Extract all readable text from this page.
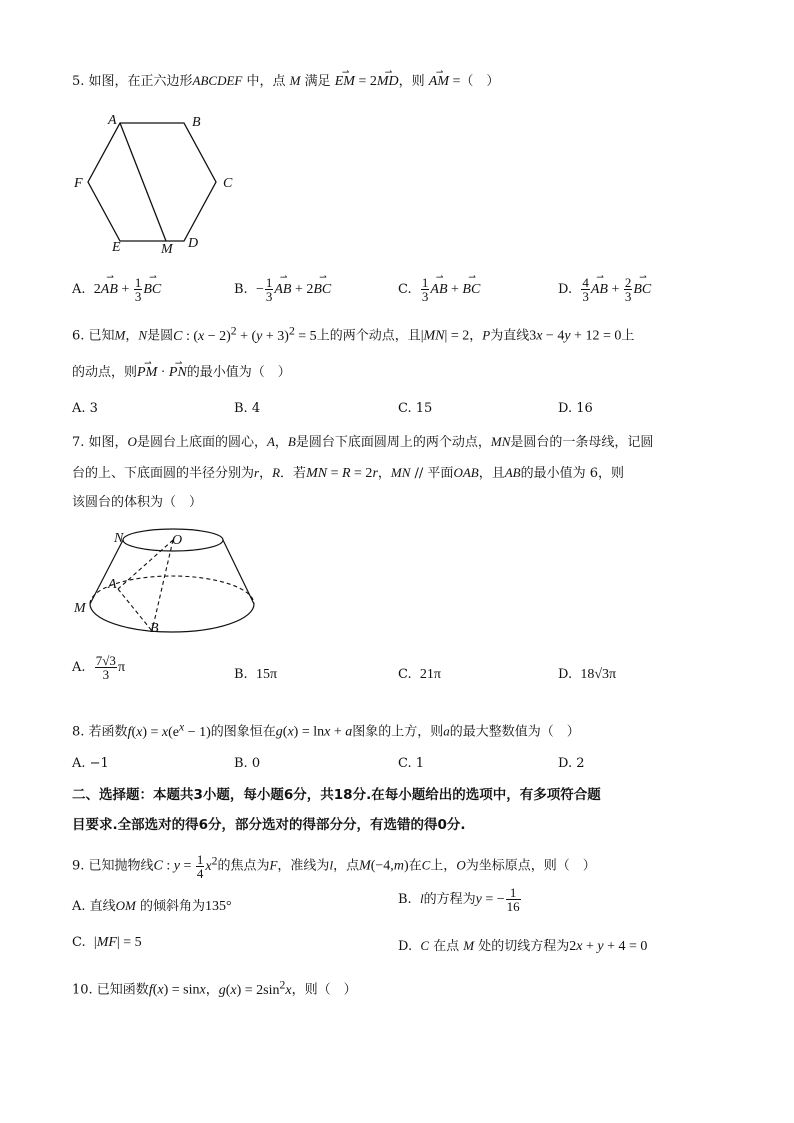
5. 如图，在正六边形ABCDEF 中，点 M 满足 ⇀ EM = 2⇀ MD，则 ⇀ AM =（　）
A	B
C
D
E
F
M
A.  2⇀ AB + $\frac{1}{3}$ ⇀ BC	B.  − $\frac{1}{3}$ ⇀ AB + 2⇀ BC	C. $\frac{1}{3}$ ⇀ AB + ⇀ BC	D. $\frac{4}{3}$ ⇀ AB + $\frac{2}{3}$ ⇀ BC
6. 已知M，N是圆C : $(x - 2)^2 + (y + 3)^2 = 5$上的两个动点，且|MN| = 2，P为直线3x − 4y + 12 = 0上
的动点，则⇀ PM · ⇀ PN的最小值为（　）
A. 3	B. 4	C. 15	D. 16
7. 如图，O是圆台上底面的圆心，A，B是圆台下底面圆周上的两个动点，MN是圆台的一条母线，记圆
台的上、下底面圆的半径分别为r，R．若MN = R = 2r，MN // 平面OAB，且AB的最小值为 6，则
该圆台的体积为（　）
N	O
A
M
B
A. $\frac{7√3}{3}$ π	B.  15π	C.  21π	D.  18√3π
8. 若函数$f(x) = x(e^x - 1)$的图象恒在g(x) = lnx + a图象的上方，则a的最大整数值为（　）
A. −1	B. 0	C. 1	D. 2
二、选择题：本题共3小题，每小题6分，共18分.在每小题给出的选项中，有多项符合题
目要求.全部选对的得6分，部分选对的得部分分，有选错的得0分.
9. 已知抛物线C : $y = \frac{1}{4} x^2$的焦点为F，准线为l，点M(−4,m)在C上，O为坐标原点，则（　）
A. 直线OM 的倾斜角为135°	B.  l的方程为y = − $\frac{1}{16}$
C.  |MF| = 5	D.  C 在点 M 处的切线方程为2x + y + 4 = 0
10. 已知函数f(x) = sinx，$g(x) = 2\sin^2x$，则（　）
